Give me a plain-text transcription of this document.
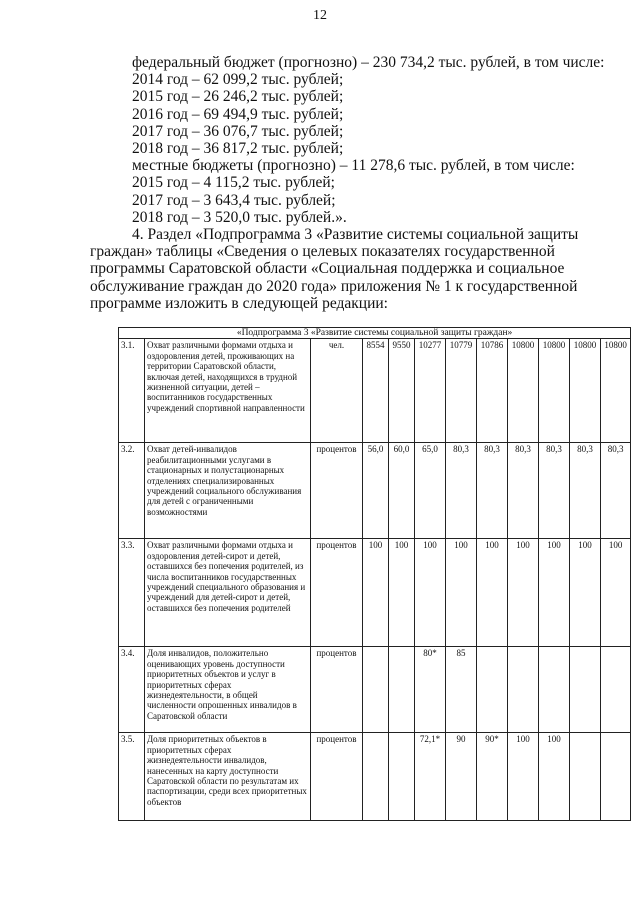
12
федеральный бюджет (прогнозно) – 230 734,2 тыс. рублей, в том числе:
2014 год – 62 099,2 тыс. рублей;
2015 год – 26 246,2 тыс. рублей;
2016 год – 69 494,9 тыс. рублей;
2017 год – 36 076,7 тыс. рублей;
2018 год – 36 817,2 тыс. рублей;
местные бюджеты (прогнозно) – 11 278,6 тыс. рублей, в том числе:
2015 год – 4 115,2 тыс. рублей;
2017 год – 3 643,4 тыс. рублей;
2018 год – 3 520,0 тыс. рублей.».
4. Раздел «Подпрограмма 3 «Развитие системы социальной защиты
граждан» таблицы «Сведения о целевых показателях государственной
программы Саратовской области «Социальная поддержка и социальное
обслуживание граждан до 2020 года» приложения № 1 к государственной
программе изложить в следующей редакции:
«Подпрограмма 3 «Развитие системы социальной защиты граждан»											
3.1.	Охват различными формами отдыха и оздоровления детей, проживающих на территории Саратовской области, включая детей, находящихся в трудной жизненной ситуации, детей – воспитанников государственных учреждений спортивной направленности	чел.	8554	9550	10277	10779	10786	10800	10800	10800	10800
3.2.	Охват детей-инвалидов реабилитационными услугами в стационарных и полустационарных отделениях специализированных учреждений социального обслуживания для детей с ограниченными возможностями	процентов	56,0	60,0	65,0	80,3	80,3	80,3	80,3	80,3	80,3
3.3.	Охват различными формами отдыха и оздоровления детей-сирот и детей, оставшихся без попечения родителей, из числа воспитанников государственных учреждений специального образования и учреждений для детей-сирот и детей, оставшихся без попечения родителей	процентов	100	100	100	100	100	100	100	100	100
3.4.	Доля инвалидов, положительно оценивающих уровень доступности приоритетных объектов и услуг в приоритетных сферах жизнедеятельности, в общей численности опрошенных инвалидов в Саратовской области	процентов			80*	85					
3.5.	Доля приоритетных объектов в приоритетных сферах жизнедеятельности инвалидов, нанесенных на карту доступности Саратовской области по результатам их паспортизации, среди всех приоритетных объектов	процентов			72,1*	90	90*	100	100		
